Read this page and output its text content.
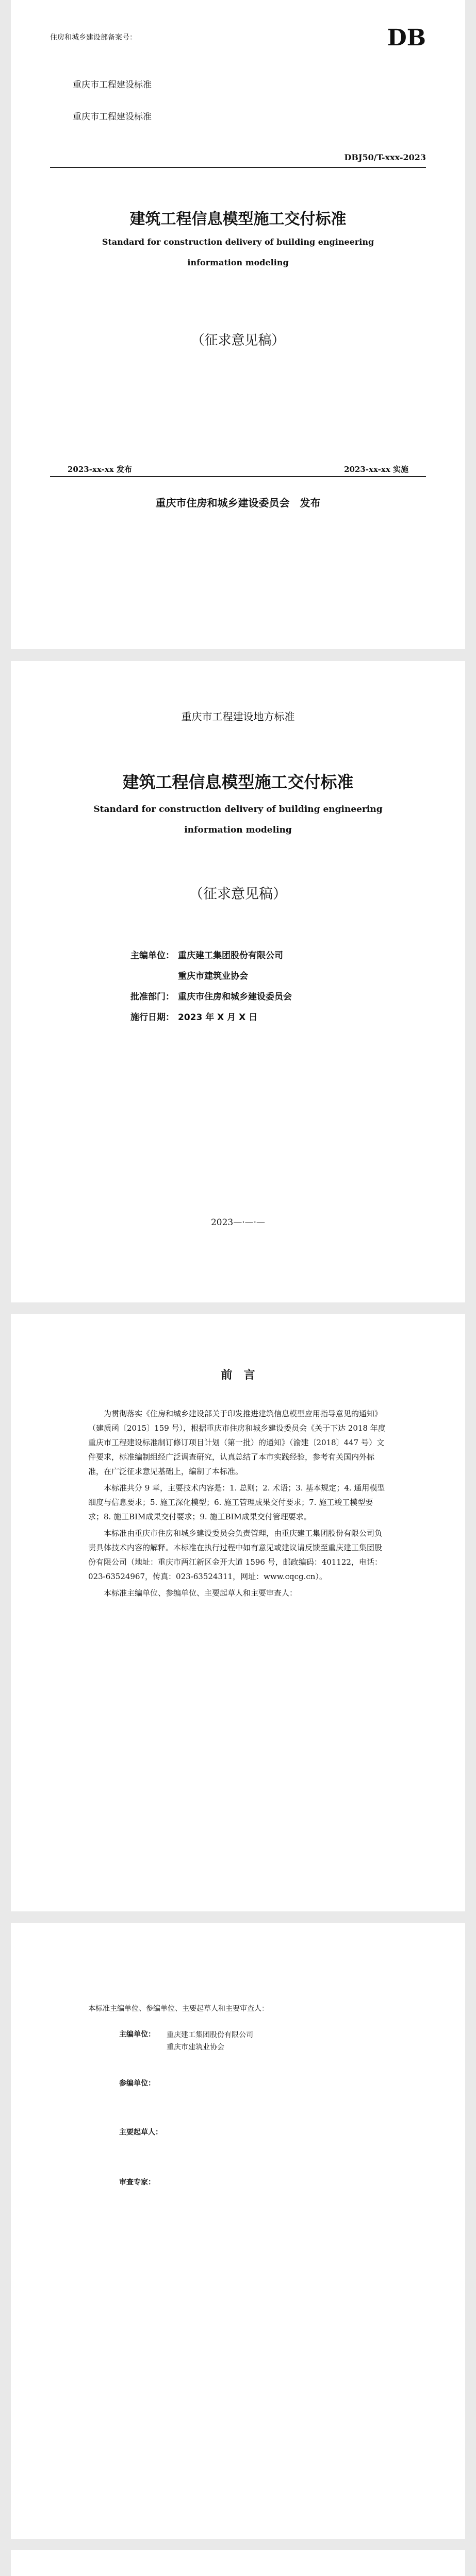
住房和城乡建设部备案号：	DB
重庆市工程建设标准
重庆市工程建设标准
DBJ50/T-xxx-2023
建筑工程信息模型施工交付标准
Standard for construction delivery of building engineering
information modeling
（征求意见稿）
2023-xx-xx 发布	2023-xx-xx 实施
重庆市住房和城乡建设委员会　发布
重庆市工程建设地方标准
建筑工程信息模型施工交付标准
Standard for construction delivery of building engineering
information modeling
（征求意见稿）
主编单位： 重庆建工集团股份有限公司
重庆市建筑业协会
批准部门： 重庆市住房和城乡建设委员会
施行日期： 2023 年 X 月 X 日
2023—·—·—
前　言

为贯彻落实《住房和城乡建设部关于印发推进建筑信息模型应用指导意见的通知》（建质函〔2015〕159 号），根据重庆市住房和城乡建设委员会《关于下达 2018 年度重庆市工程建设标准制订修订项目计划（第一批）的通知》（渝建〔2018〕447 号）文件要求，标准编制组经广泛调查研究，认真总结了本市实践经验，参考有关国内外标准，在广泛征求意见基础上，编制了本标准。

本标准共分 9 章，主要技术内容是：1. 总则；2. 术语；3. 基本规定；4. 通用模型细度与信息要求；5. 施工深化模型；6. 施工管理成果交付要求；7. 施工竣工模型要求；8. 施工BIM成果交付要求；9. 施工BIM成果交付管理要求。

本标准由重庆市住房和城乡建设委员会负责管理，由重庆建工集团股份有限公司负责具体技术内容的解释。本标准在执行过程中如有意见或建议请反馈至重庆建工集团股份有限公司（地址：重庆市两江新区金开大道 1596 号，邮政编码：401122，电话：023-63524967，传真：023-63524311，网址：www.cqcg.cn）。

本标准主编单位、参编单位、主要起草人和主要审查人：

本标准主编单位、参编单位、主要起草人和主要审查人：
主编单位： 重庆建工集团股份有限公司
重庆市建筑业协会
参编单位：
主要起草人：
审查专家：
